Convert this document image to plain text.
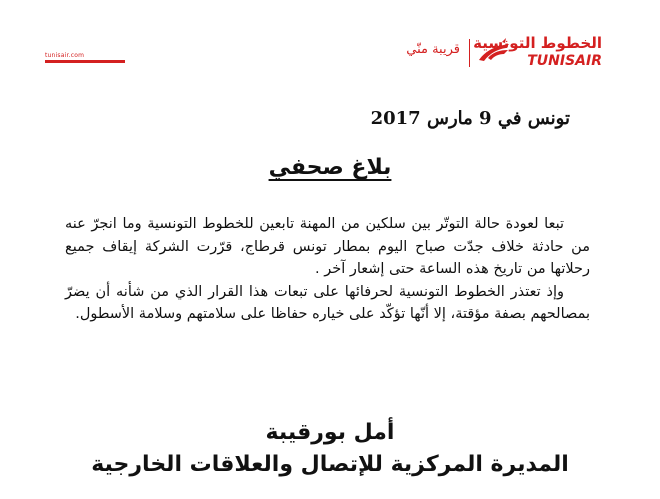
tunisair.com	قريبة منّي الخطوط التونسية
TUNISAIR
تونس في 9 مارس 2017
بلاغ صحفي

تبعا لعودة حالة التوتّر بين سلكين من المهنة تابعين للخطوط التونسية وما انجرّ عنه من حادثة خلاف جدّت صباح اليوم بمطار تونس قرطاج، قرّرت الشركة إيقاف جميع رحلاتها من تاريخ هذه الساعة حتى إشعار آخر .

وإذ تعتذر الخطوط التونسية لحرفائها على تبعات هذا القرار الذي من شأنه أن يضرّ بمصالحهم بصفة مؤقتة، إلا أنّها تؤكّد على خياره حفاظا على سلامتهم وسلامة الأسطول.

أمل بورقيبة
المديرة المركزية للإتصال والعلاقات الخارجية
